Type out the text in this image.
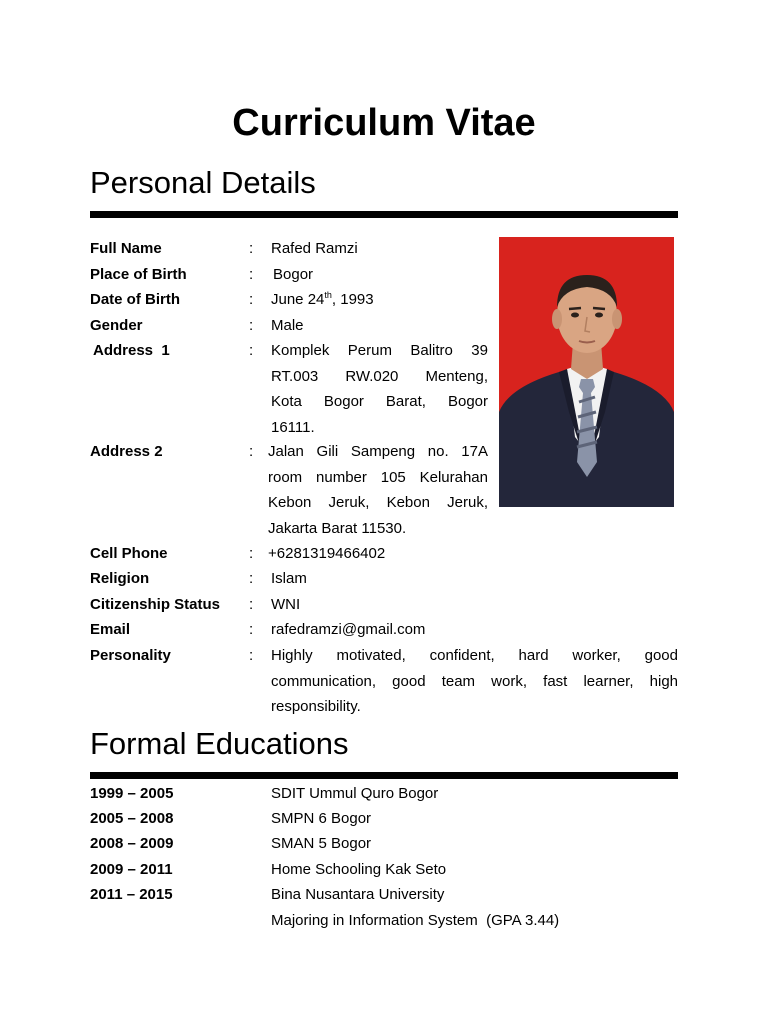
Curriculum Vitae
Personal Details
Full Name	: Rafed Ramzi
Place of Birth	: Bogor
Date of Birth	: June 24th, 1993
Gender	: Male
Address  1	: Komplek Perum Balitro 39
RT.003 RW.020 Menteng,
Kota Bogor Barat, Bogor
16111.
Address 2	: Jalan Gili Sampeng no. 17A
room number 105 Kelurahan
Kebon Jeruk, Kebon Jeruk,
Jakarta Barat 11530.
Cell Phone	: +6281319466402
Religion	: Islam
Citizenship Status : WNI
Email	: rafedramzi@gmail.com
Personality	: Highly motivated, confident, hard worker, good
communication, good team work, fast learner, high
responsibility.
Formal Educations
1999 – 2005	SDIT Ummul Quro Bogor
2005 – 2008	SMPN 6 Bogor
2008 – 2009	SMAN 5 Bogor
2009 – 2011	Home Schooling Kak Seto
2011 – 2015	Bina Nusantara University
Majoring in Information System  (GPA 3.44)
